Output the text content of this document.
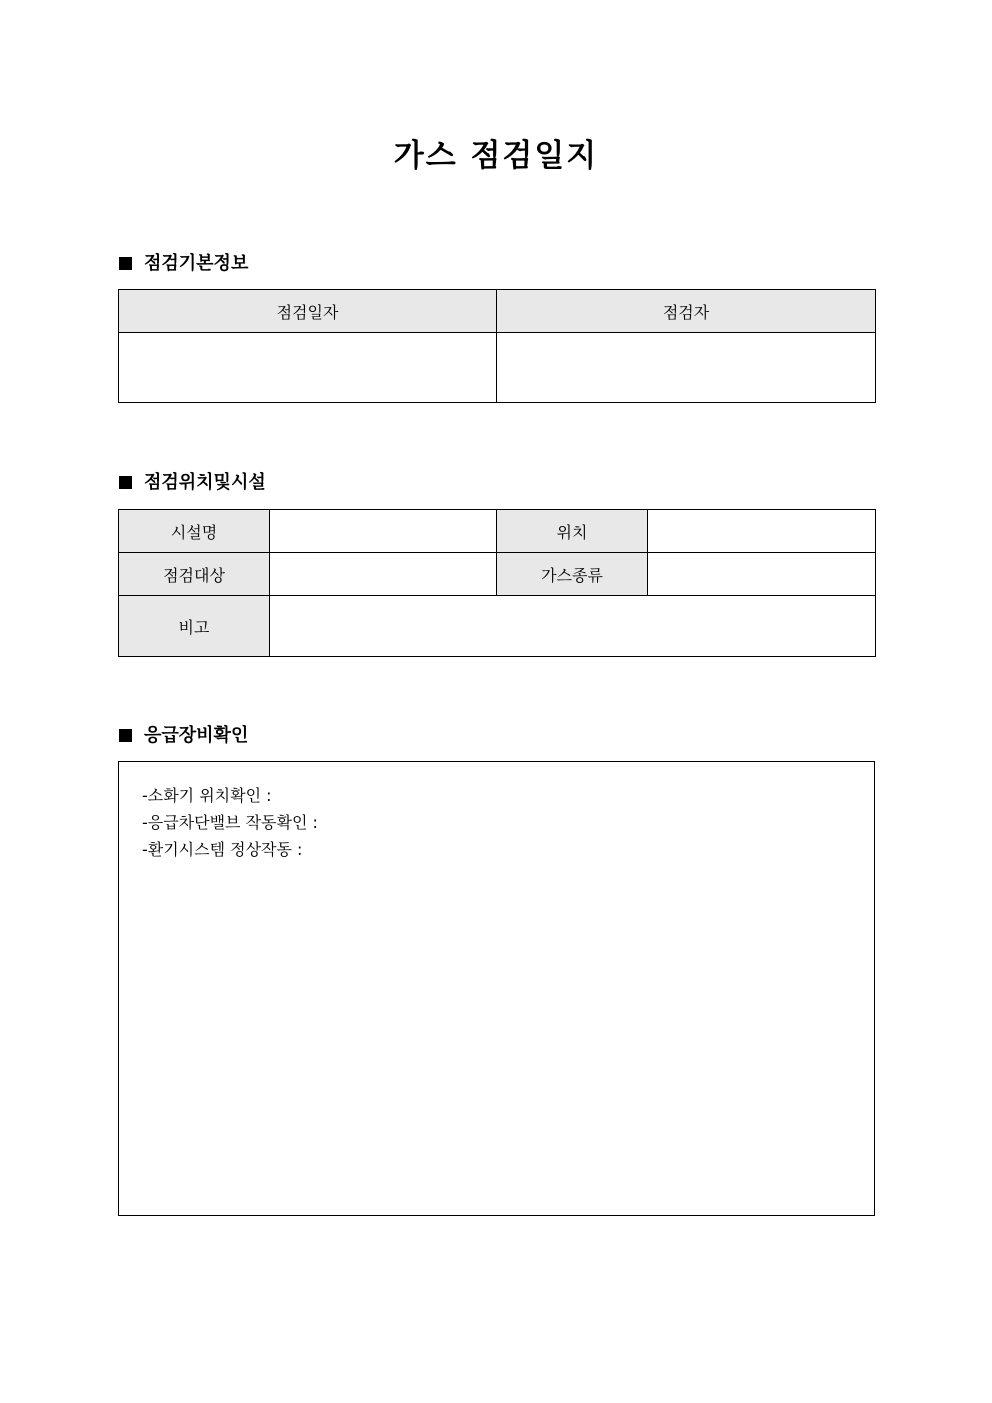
가스 점검일지
점검기본정보
점검일자	점검자

점검위치및시설
시설명		위치	
점검대상		가스종류	
비고			
응급장비확인
-소화기 위치확인 :
-응급차단밸브 작동확인 :
-환기시스템 정상작동 :
